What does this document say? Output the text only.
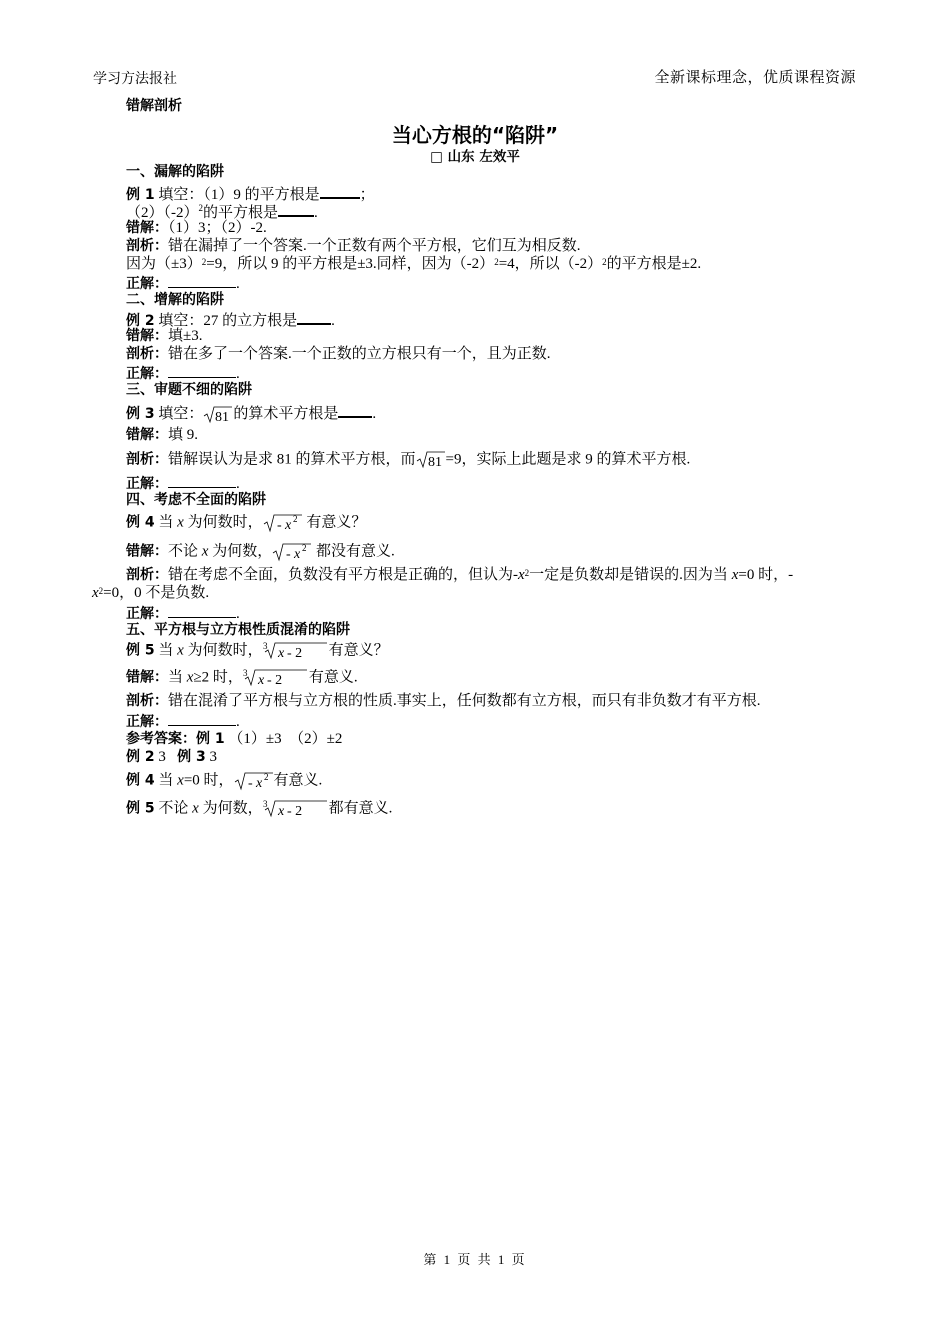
学习方法报社	全新课标理念，优质课程资源
错解剖析
当心方根的“陷阱”
□ 山东 左效平
一、漏解的陷阱
例 1 填空：（1）9 的平方根是	；
$(2)(-2)^2$的平方根是 .
错解：（1）3；（2）-2.
剖析：错在漏掉了一个答案.一个正数有两个平方根，它们互为相反数.
因为$(\pm 3)^2=9$，所以 9 的平方根是±3.同样，因为$(-2)^2=4$，所以$(-2)^2$的平方根是±2.
正解：	.
二、增解的陷阱
例 2 填空：27 的立方根是 .
错解：填±3.
剖析：错在多了一个答案.一个正数的立方根只有一个，且为正数.
正解：	.
三、审题不细的陷阱
例 3 填空： 81 的算术平方根是 .
错解：填 9.
剖析：错解误认为是求 81 的算术平方根，而 81 =9，实际上此题是求 9 的算术平方根.
正解：	.
四、考虑不全面的陷阱
例 4 当 x 为何数时， - x 2 有意义？
错解：不论 x 为何数， - x 2 都没有意义.
剖析：错在考虑不全面，负数没有平方根是正确的，但认为$-x^2$一定是负数却是错误的.因为当 x=0 时，-
$x^2=0$，0 不是负数.
正解：	.
五、平方根与立方根性质混淆的陷阱
例 5 当 x 为何数时， 3 x - 2 有意义？
错解：当 x≥2 时， 3 x - 2 有意义.
剖析：错在混淆了平方根与立方根的性质.事实上，任何数都有立方根，而只有非负数才有平方根.
正解：	.
参考答案：例 1 （1）±3　（2）±2
例 2 3 例 3 3
例 4 当 x=0 时， - x 2 有意义.
例 5 不论 x 为何数， 3 x - 2 都有意义.
第 1 页 共 1 页
